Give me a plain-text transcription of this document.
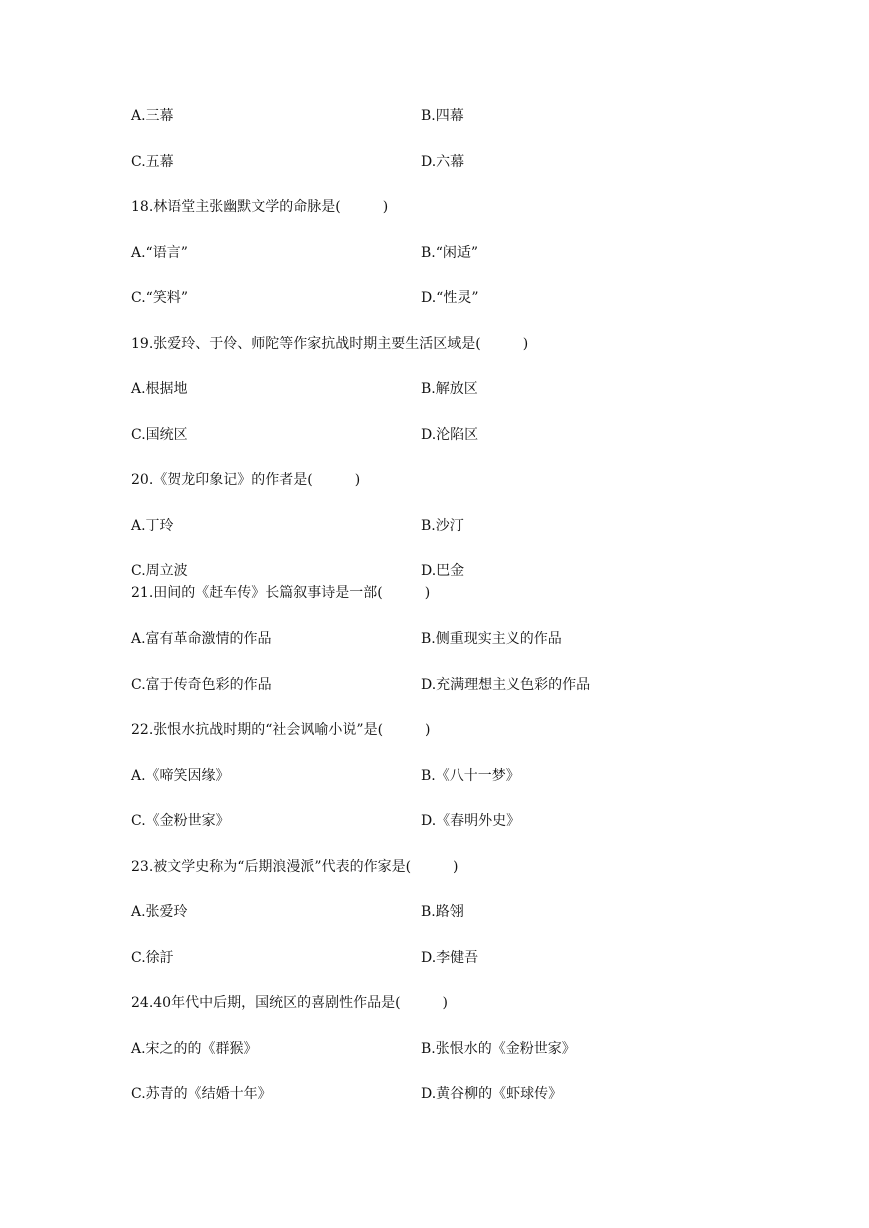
A.三幕	B.四幕
C.五幕	D.六幕
18.林语堂主张幽默文学的命脉是(　　　)
A.“语言”	B.“闲适”
C.“笑料”	D.“性灵”
19.张爱玲、于伶、师陀等作家抗战时期主要生活区域是(　　　)
A.根据地	B.解放区
C.国统区	D.沦陷区
20.《贺龙印象记》的作者是(　　　)
A.丁玲	B.沙汀
C.周立波	D.巴金
21.田间的《赶车传》长篇叙事诗是一部(　　　)
A.富有革命激情的作品	B.侧重现实主义的作品
C.富于传奇色彩的作品	D.充满理想主义色彩的作品
22.张恨水抗战时期的“社会讽喻小说”是(　　　)
A.《啼笑因缘》	B.《八十一梦》
C.《金粉世家》	D.《春明外史》
23.被文学史称为“后期浪漫派”代表的作家是(　　　)
A.张爱玲	B.路翎
C.徐訏	D.李健吾
24.40年代中后期，国统区的喜剧性作品是(　　　)
A.宋之的的《群猴》	B.张恨水的《金粉世家》
C.苏青的《结婚十年》	D.黄谷柳的《虾球传》
